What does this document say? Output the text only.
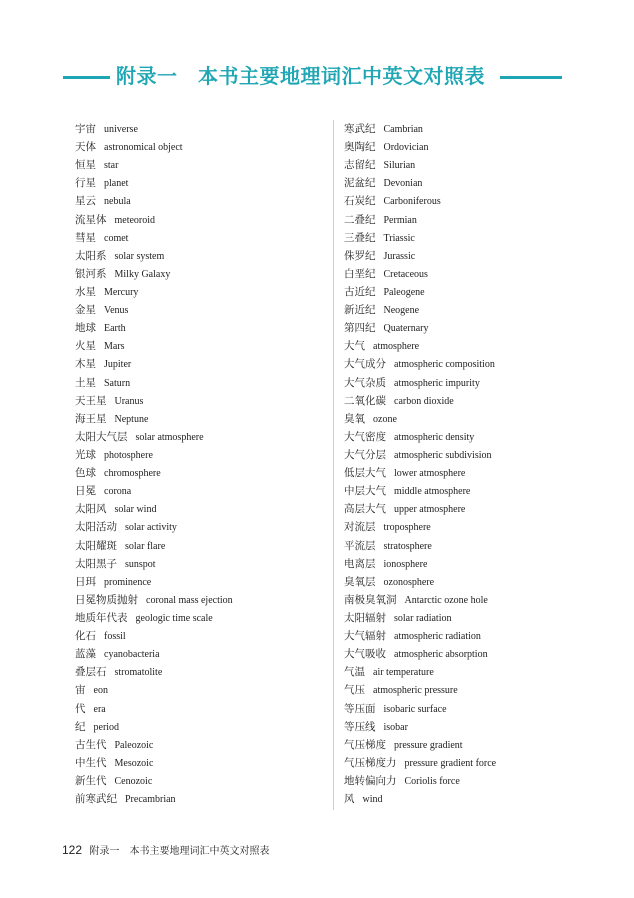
附录一　本书主要地理词汇中英文对照表
宇宙 universe
天体 astronomical object
恒星 star
行星 planet
星云 nebula
流星体 meteoroid
彗星 comet
太阳系 solar system
银河系 Milky Galaxy
水星 Mercury
金星 Venus
地球 Earth
火星 Mars
木星 Jupiter
土星 Saturn
天王星 Uranus
海王星 Neptune
太阳大气层 solar atmosphere
光球 photosphere
色球 chromosphere
日冕 corona
太阳风 solar wind
太阳活动 solar activity
太阳耀斑 solar flare
太阳黑子 sunspot
日珥 prominence
日冕物质抛射 coronal mass ejection
地质年代表 geologic time scale
化石 fossil
蓝藻 cyanobacteria
叠层石 stromatolite
宙 eon
代 era
纪 period
古生代 Paleozoic
中生代 Mesozoic
新生代 Cenozoic
前寒武纪 Precambrian
寒武纪 Cambrian
奥陶纪 Ordovician
志留纪 Silurian
泥盆纪 Devonian
石炭纪 Carboniferous
二叠纪 Permian
三叠纪 Triassic
侏罗纪 Jurassic
白垩纪 Cretaceous
古近纪 Paleogene
新近纪 Neogene
第四纪 Quaternary
大气 atmosphere
大气成分 atmospheric composition
大气杂质 atmospheric impurity
二氧化碳 carbon dioxide
臭氧 ozone
大气密度 atmospheric density
大气分层 atmospheric subdivision
低层大气 lower atmosphere
中层大气 middle atmosphere
高层大气 upper atmosphere
对流层 troposphere
平流层 stratosphere
电离层 ionosphere
臭氧层 ozonosphere
南极臭氧洞 Antarctic ozone hole
太阳辐射 solar radiation
大气辐射 atmospheric radiation
大气吸收 atmospheric absorption
气温 air temperature
气压 atmospheric pressure
等压面 isobaric surface
等压线 isobar
气压梯度 pressure gradient
气压梯度力 pressure gradient force
地转偏向力 Coriolis force
风 wind
122 附录一　本书主要地理词汇中英文对照表
